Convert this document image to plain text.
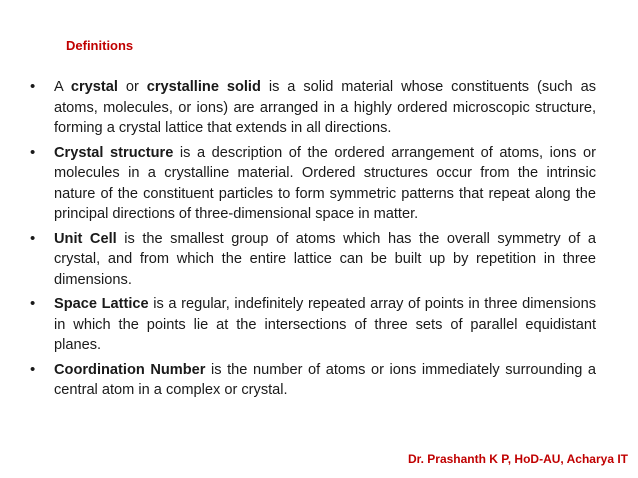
Definitions
• A crystal or crystalline solid is a solid material whose constituents (such as atoms, molecules, or ions) are arranged in a highly ordered microscopic structure, forming a crystal lattice that extends in all directions.
• Crystal structure is a description of the ordered arrangement of atoms, ions or molecules in a crystalline material. Ordered structures occur from the intrinsic nature of the constituent particles to form symmetric patterns that repeat along the principal directions of three-dimensional space in matter.
• Unit Cell is the smallest group of atoms which has the overall symmetry of a crystal, and from which the entire lattice can be built up by repetition in three dimensions.
• Space Lattice is a regular, indefinitely repeated array of points in three dimensions in which the points lie at the intersections of three sets of parallel equidistant planes.
• Coordination Number is the number of atoms or ions immediately surrounding a central atom in a complex or crystal.
Dr. Prashanth K P, HoD-AU, Acharya IT
